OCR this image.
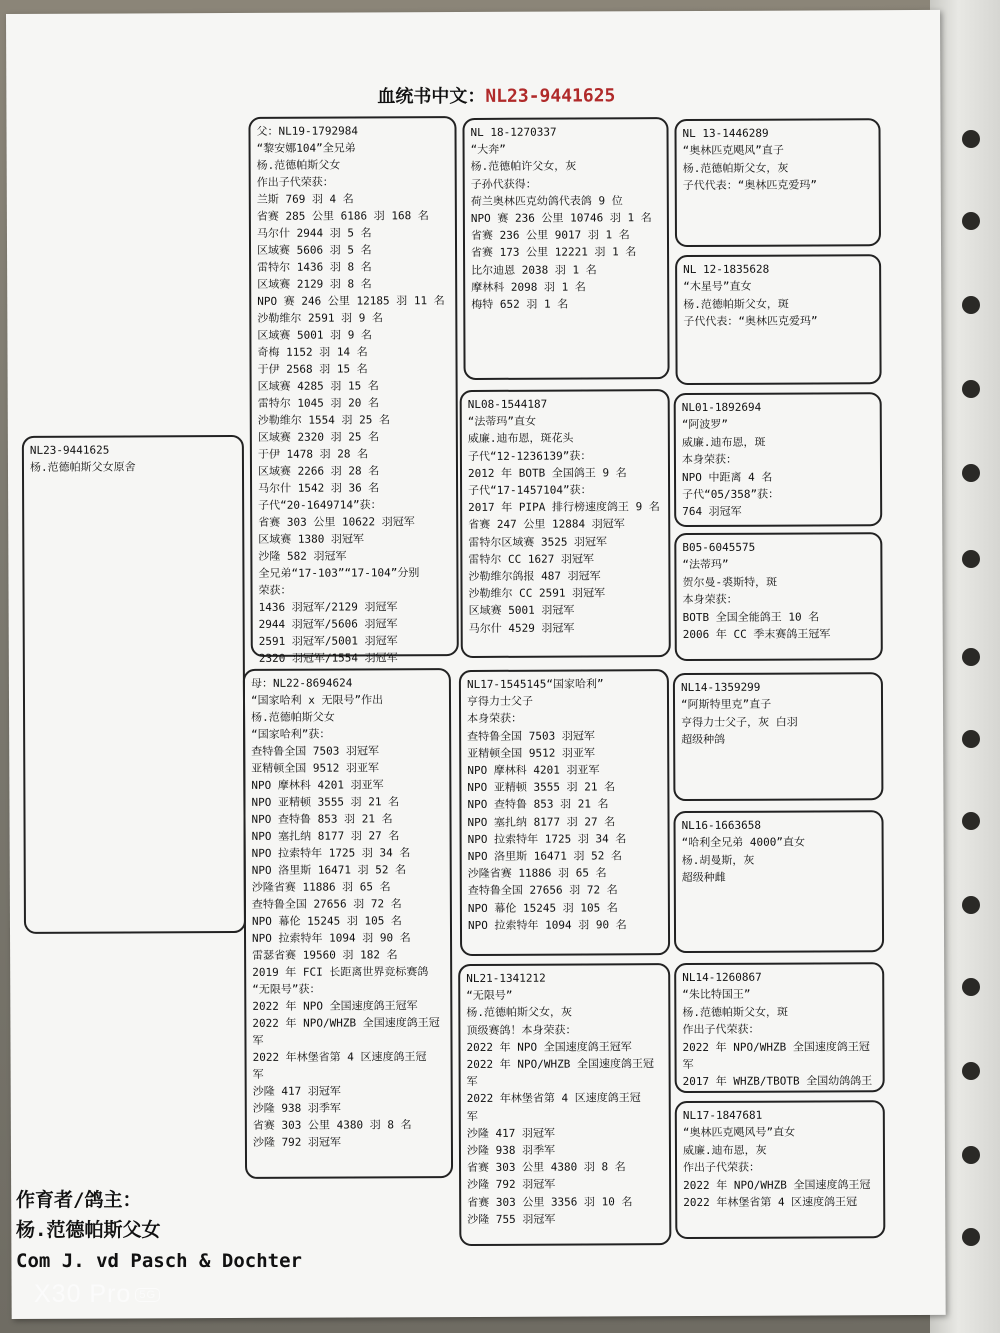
血统书中文：NL23-9441625
NL23-9441625
杨.范德帕斯父女原舍
父：NL19-1792984
“黎安娜104”全兄弟
杨.范德帕斯父女
作出子代荣获：
兰斯 769 羽 4 名
省赛 285 公里 6186 羽 168 名
马尔什 2944 羽 5 名
区域赛 5606 羽 5 名
雷特尔 1436 羽 8 名
区域赛 2129 羽 8 名
NPO 赛 246 公里 12185 羽 11 名
沙勒维尔 2591 羽 9 名
区域赛 5001 羽 9 名
奇梅 1152 羽 14 名
于伊 2568 羽 15 名
区域赛 4285 羽 15 名
雷特尔 1045 羽 20 名
沙勒维尔 1554 羽 25 名
区域赛 2320 羽 25 名
于伊 1478 羽 28 名
区域赛 2266 羽 28 名
马尔什 1542 羽 36 名
子代“20-1649714”获：
省赛 303 公里 10622 羽冠军
区域赛 1380 羽冠军
沙隆 582 羽冠军
全兄弟“17-103”“17-104”分别
荣获：
1436 羽冠军/2129 羽冠军
2944 羽冠军/5606 羽冠军
2591 羽冠军/5001 羽冠军
2320 羽冠军/1554 羽冠军
母：NL22-8694624
“国家哈利 x 无限号”作出
杨.范德帕斯父女
“国家哈利”获：
查特鲁全国 7503 羽冠军
亚精顿全国 9512 羽亚军
NPO 摩林科 4201 羽亚军
NPO 亚精顿 3555 羽 21 名
NPO 查特鲁 853 羽 21 名
NPO 塞扎纳 8177 羽 27 名
NPO 拉索特年 1725 羽 34 名
NPO 洛里斯 16471 羽 52 名
沙隆省赛 11886 羽 65 名
查特鲁全国 27656 羽 72 名
NPO 幕伦 15245 羽 105 名
NPO 拉索特年 1094 羽 90 名
雷瑟省赛 19560 羽 182 名
2019 年 FCI 长距离世界竞标赛鸽
“无限号”获：
2022 年 NPO 全国速度鸽王冠军
2022 年 NPO/WHZB 全国速度鸽王冠
军
2022 年林堡省第 4 区速度鸽王冠
军
沙隆 417 羽冠军
沙隆 938 羽季军
省赛 303 公里 4380 羽 8 名
沙隆 792 羽冠军
NL 18-1270337
“大奔”
杨.范德帕许父女，灰
子孙代获得：
荷兰奥林匹克幼鸽代表鸽 9 位
NPO 赛 236 公里 10746 羽 1 名
省赛 236 公里 9017 羽 1 名
省赛 173 公里 12221 羽 1 名
比尔迪恩 2038 羽 1 名
摩林科 2098 羽 1 名
梅特 652 羽 1 名
NL08-1544187
“法蒂玛”直女
威廉.迪布恩，斑花头
子代“12-1236139”获：
2012 年 BOTB 全国鸽王 9 名
子代“17-1457104”获：
2017 年 PIPA 排行榜速度鸽王 9 名
省赛 247 公里 12884 羽冠军
雷特尔区域赛 3525 羽冠军
雷特尔 CC 1627 羽冠军
沙勒维尔鸽报 487 羽冠军
沙勒维尔 CC 2591 羽冠军
区域赛 5001 羽冠军
马尔什 4529 羽冠军
NL17-1545145“国家哈利”
亨得力士父子
本身荣获：
查特鲁全国 7503 羽冠军
亚精顿全国 9512 羽亚军
NPO 摩林科 4201 羽亚军
NPO 亚精顿 3555 羽 21 名
NPO 查特鲁 853 羽 21 名
NPO 塞扎纳 8177 羽 27 名
NPO 拉索特年 1725 羽 34 名
NPO 洛里斯 16471 羽 52 名
沙隆省赛 11886 羽 65 名
查特鲁全国 27656 羽 72 名
NPO 幕伦 15245 羽 105 名
NPO 拉索特年 1094 羽 90 名
NL21-1341212
“无限号”
杨.范德帕斯父女，灰
顶级赛鸽！本身荣获：
2022 年 NPO 全国速度鸽王冠军
2022 年 NPO/WHZB 全国速度鸽王冠
军
2022 年林堡省第 4 区速度鸽王冠
军
沙隆 417 羽冠军
沙隆 938 羽季军
省赛 303 公里 4380 羽 8 名
沙隆 792 羽冠军
省赛 303 公里 3356 羽 10 名
沙隆 755 羽冠军
NL 13-1446289
“奥林匹克飓风”直子
杨.范德帕斯父女，灰
子代代表：“奥林匹克爱玛”
NL 12-1835628
“木星号”直女
杨.范德帕斯父女，斑
子代代表：“奥林匹克爱玛”
NL01-1892694
“阿波罗”
威廉.迪布恩，斑
本身荣获：
NPO 中距离 4 名
子代“05/358”获：
764 羽冠军
B05-6045575
“法蒂玛”
贺尔曼-裘斯特，斑
本身荣获：
BOTB 全国全能鸽王 10 名
2006 年 CC 季末赛鸽王冠军
NL14-1359299
“阿斯特里克”直子
亨得力士父子，灰 白羽
超级种鸽
NL16-1663658
“哈利全兄弟 4000”直女
杨.胡曼斯，灰
超级种雌
NL14-1260867
“朱比特国王”
杨.范德帕斯父女，斑
作出子代荣获：
2022 年 NPO/WHZB 全国速度鸽王冠
军
2017 年 WHZB/TBOTB 全国幼鸽鸽王
NL17-1847681
“奥林匹克飓风号”直女
威廉.迪布恩，灰
作出子代荣获：
2022 年 NPO/WHZB 全国速度鸽王冠
2022 年林堡省第 4 区速度鸽王冠
作育者/鸽主：
杨.范德帕斯父女
Com J. vd Pasch & Dochter
X30 Pro 5G
